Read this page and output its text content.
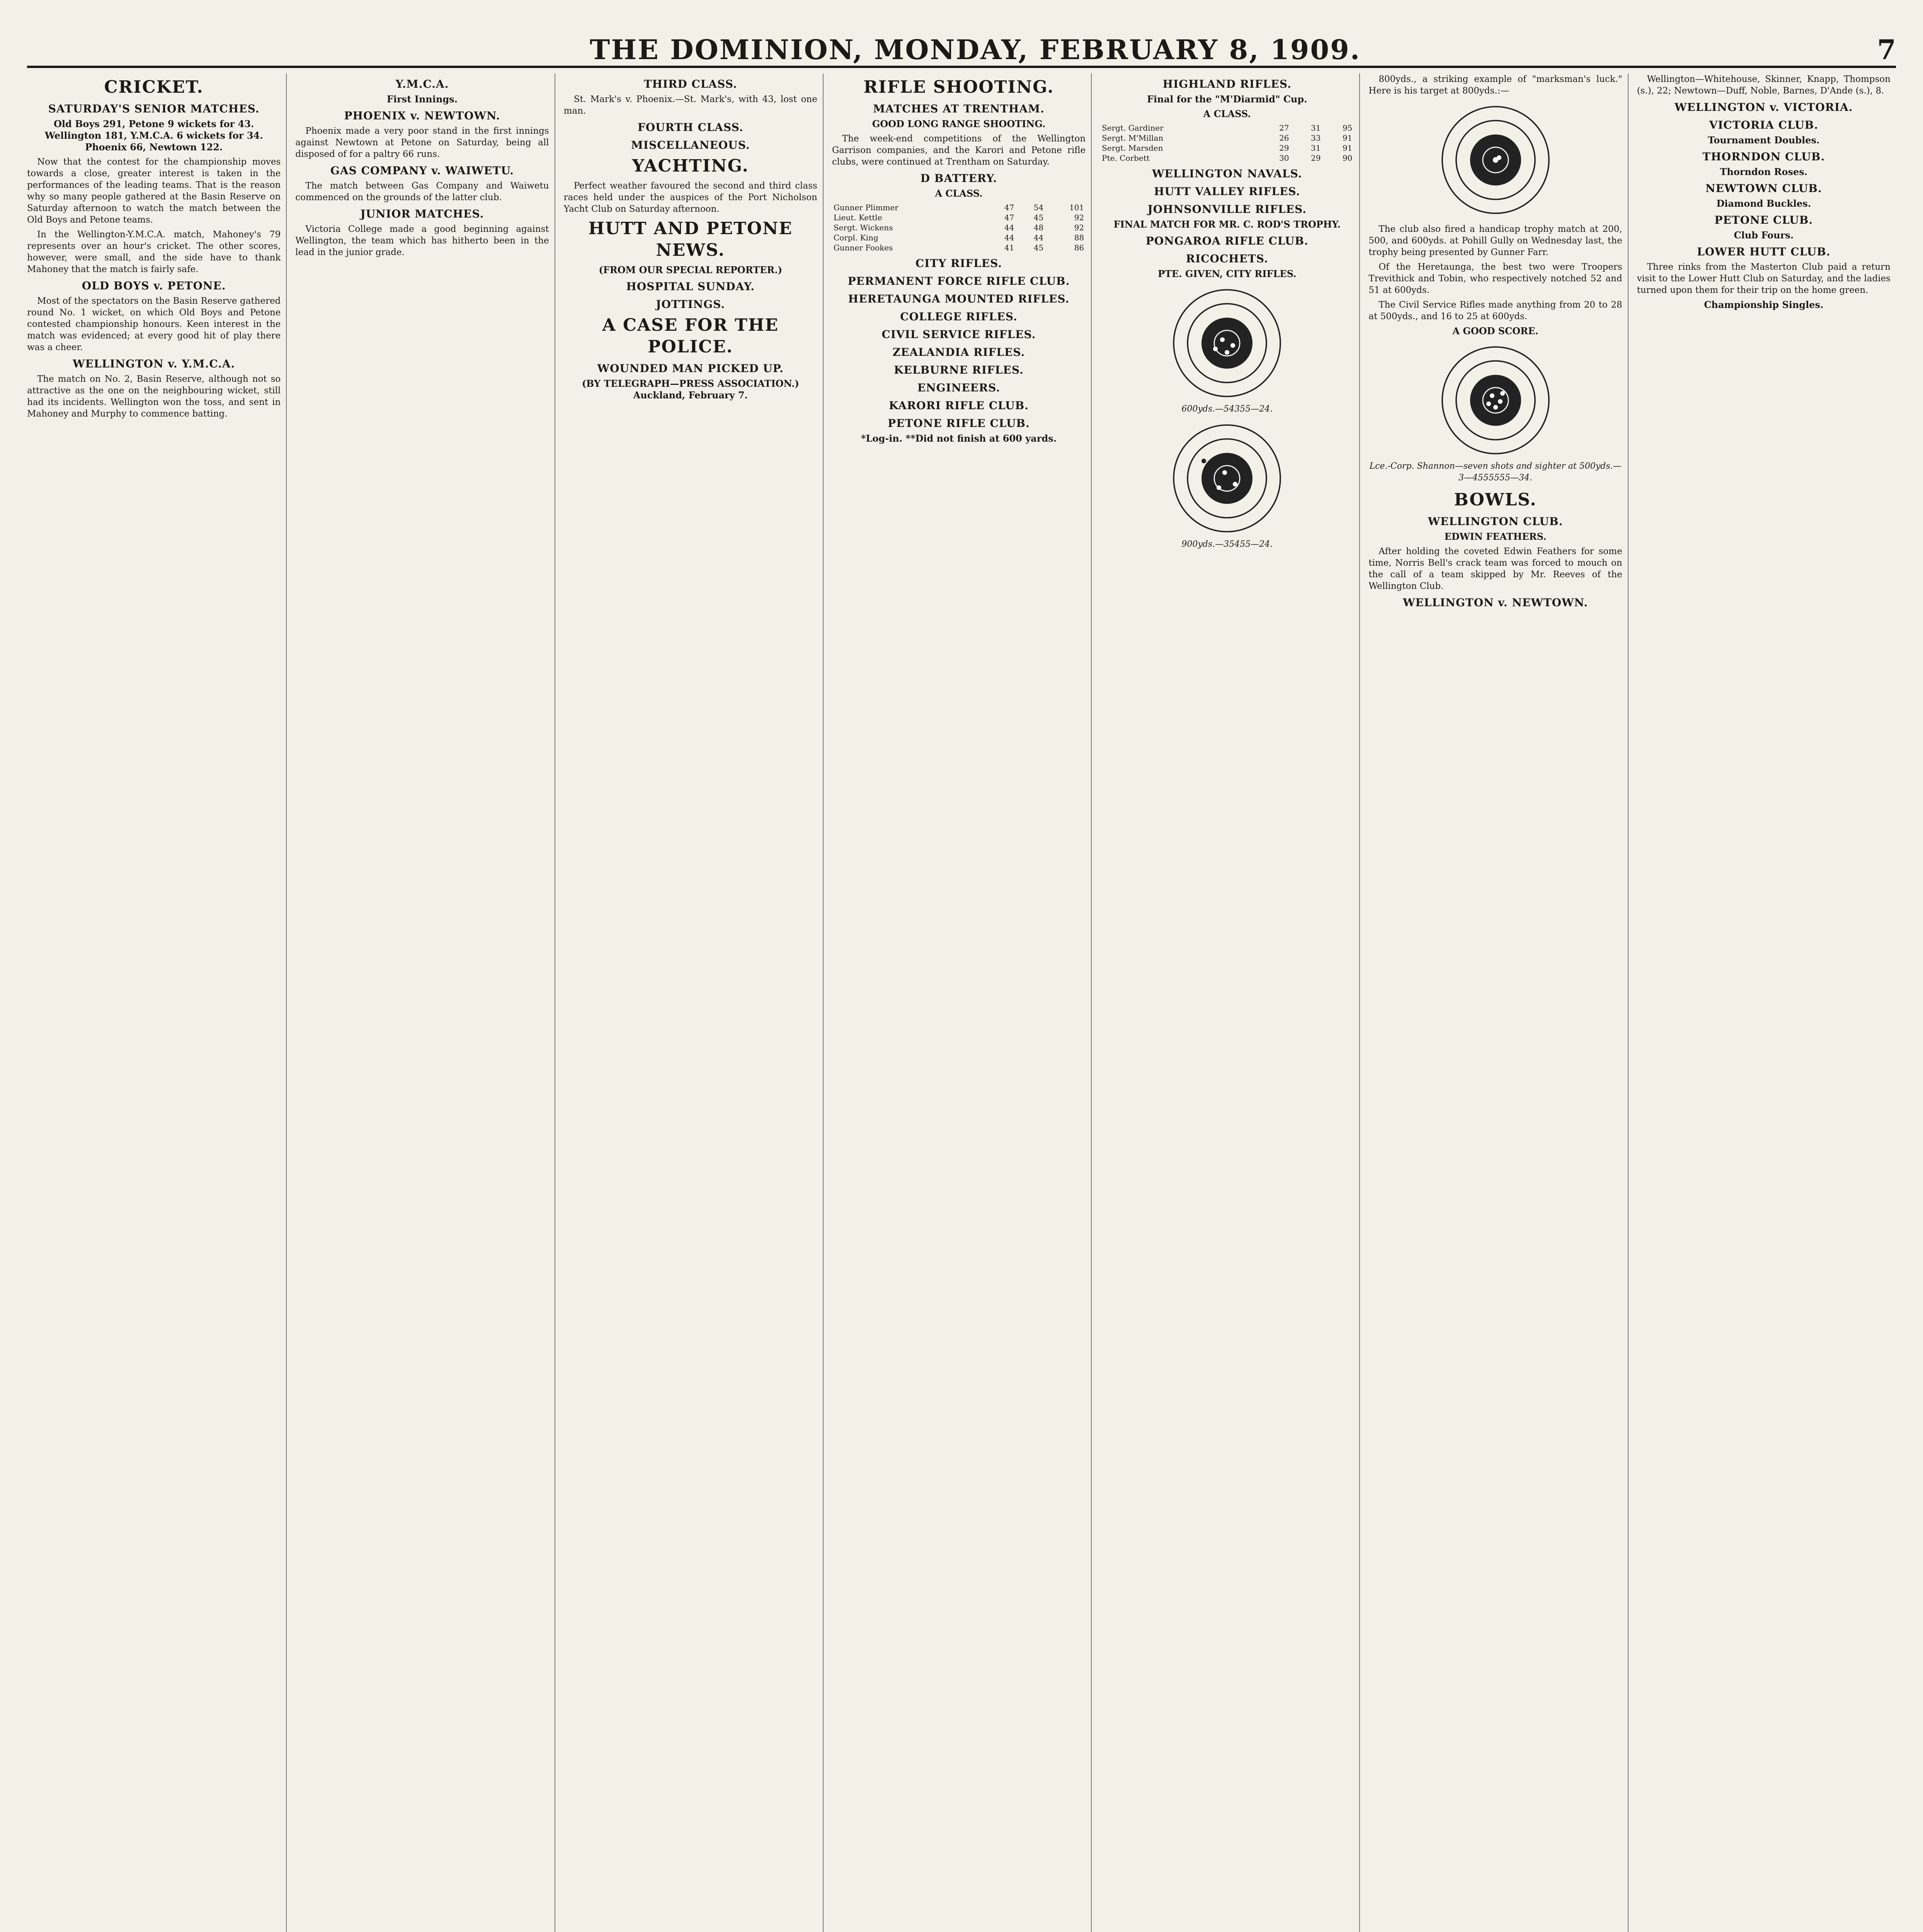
THE DOMINION, MONDAY, FEBRUARY 8, 1909.	7
CRICKET.
SATURDAY'S SENIOR MATCHES.
Old Boys 291, Petone 9 wickets for 43. Wellington 181, Y.M.C.A. 6 wickets for 34. Phoenix 66, Newtown 122.

Now that the contest for the championship moves towards a close, greater interest is taken in the performances of the leading teams. That is the reason why so many people gathered at the Basin Reserve on Saturday afternoon to watch the match between the Old Boys and Petone teams.

In the Wellington-Y.M.C.A. match, Mahoney's 79 represents over an hour's cricket. The other scores, however, were small, and the side have to thank Mahoney that the match is fairly safe.

OLD BOYS v. PETONE.

Most of the spectators on the Basin Reserve gathered round No. 1 wicket, on which Old Boys and Petone contested championship honours. Keen interest in the match was evidenced; at every good hit of play there was a cheer.

WELLINGTON v. Y.M.C.A.

The match on No. 2, Basin Reserve, although not so attractive as the one on the neighbouring wicket, still had its incidents. Wellington won the toss, and sent in Mahoney and Murphy to commence batting.

Y.M.C.A.
First Innings.
PHOENIX v. NEWTOWN.

Phoenix made a very poor stand in the first innings against Newtown at Petone on Saturday, being all disposed of for a paltry 66 runs.

GAS COMPANY v. WAIWETU.

The match between Gas Company and Waiwetu commenced on the grounds of the latter club.

JUNIOR MATCHES.

Victoria College made a good beginning against Wellington, the team which has hitherto been in the lead in the junior grade.

THIRD CLASS.

St. Mark's v. Phoenix.—St. Mark's, with 43, lost one man.

FOURTH CLASS.
MISCELLANEOUS.
YACHTING.

Perfect weather favoured the second and third class races held under the auspices of the Port Nicholson Yacht Club on Saturday afternoon.

HUTT AND PETONE NEWS.
(FROM OUR SPECIAL REPORTER.)
HOSPITAL SUNDAY.
JOTTINGS.
A CASE FOR THE POLICE.
WOUNDED MAN PICKED UP.
(BY TELEGRAPH—PRESS ASSOCIATION.) Auckland, February 7.
RIFLE SHOOTING.
MATCHES AT TRENTHAM.
GOOD LONG RANGE SHOOTING.

The week-end competitions of the Wellington Garrison companies, and the Karori and Petone rifle clubs, were continued at Trentham on Saturday.

D BATTERY.
A CLASS.
Gunner Plimmer	47	54	101
Lieut. Kettle	47	45	92
Sergt. Wickens	44	48	92
Corpl. King	44	44	88
Gunner Fookes	41	45	86
CITY RIFLES.
PERMANENT FORCE RIFLE CLUB.
HERETAUNGA MOUNTED RIFLES.
COLLEGE RIFLES.
CIVIL SERVICE RIFLES.
ZEALANDIA RIFLES.
KELBURNE RIFLES.
ENGINEERS.
KARORI RIFLE CLUB.
PETONE RIFLE CLUB.
*Log-in. **Did not finish at 600 yards.
HIGHLAND RIFLES.
Final for the "M'Diarmid" Cup.
A CLASS.
Sergt. Gardiner	27	31	95
Sergt. M'Millan	26	33	91
Sergt. Marsden	29	31	91
Pte. Corbett	30	29	90
WELLINGTON NAVALS.
HUTT VALLEY RIFLES.
JOHNSONVILLE RIFLES.
FINAL MATCH FOR MR. C. ROD'S TROPHY.
PONGAROA RIFLE CLUB.
RICOCHETS.
PTE. GIVEN, CITY RIFLES.
600yds.—54355—24.
900yds.—35455—24.

800yds., a striking example of "marksman's luck." Here is his target at 800yds.:—

The club also fired a handicap trophy match at 200, 500, and 600yds. at Pohill Gully on Wednesday last, the trophy being presented by Gunner Farr.

Of the Heretaunga, the best two were Troopers Trevithick and Tobin, who respectively notched 52 and 51 at 600yds.

The Civil Service Rifles made anything from 20 to 28 at 500yds., and 16 to 25 at 600yds.

A GOOD SCORE.
Lce.-Corp. Shannon—seven shots and sighter at 500yds.—3—4555555—34.
BOWLS.
WELLINGTON CLUB.
EDWIN FEATHERS.

After holding the coveted Edwin Feathers for some time, Norris Bell's crack team was forced to mouch on the call of a team skipped by Mr. Reeves of the Wellington Club.

WELLINGTON v. NEWTOWN.

Wellington—Whitehouse, Skinner, Knapp, Thompson (s.), 22; Newtown—Duff, Noble, Barnes, D'Ande (s.), 8.

WELLINGTON v. VICTORIA.
VICTORIA CLUB.
Tournament Doubles.
THORNDON CLUB.
Thorndon Roses.
NEWTOWN CLUB.
Diamond Buckles.
PETONE CLUB.
Club Fours.
LOWER HUTT CLUB.

Three rinks from the Masterton Club paid a return visit to the Lower Hutt Club on Saturday, and the ladies turned upon them for their trip on the home green.

Championship Singles.
